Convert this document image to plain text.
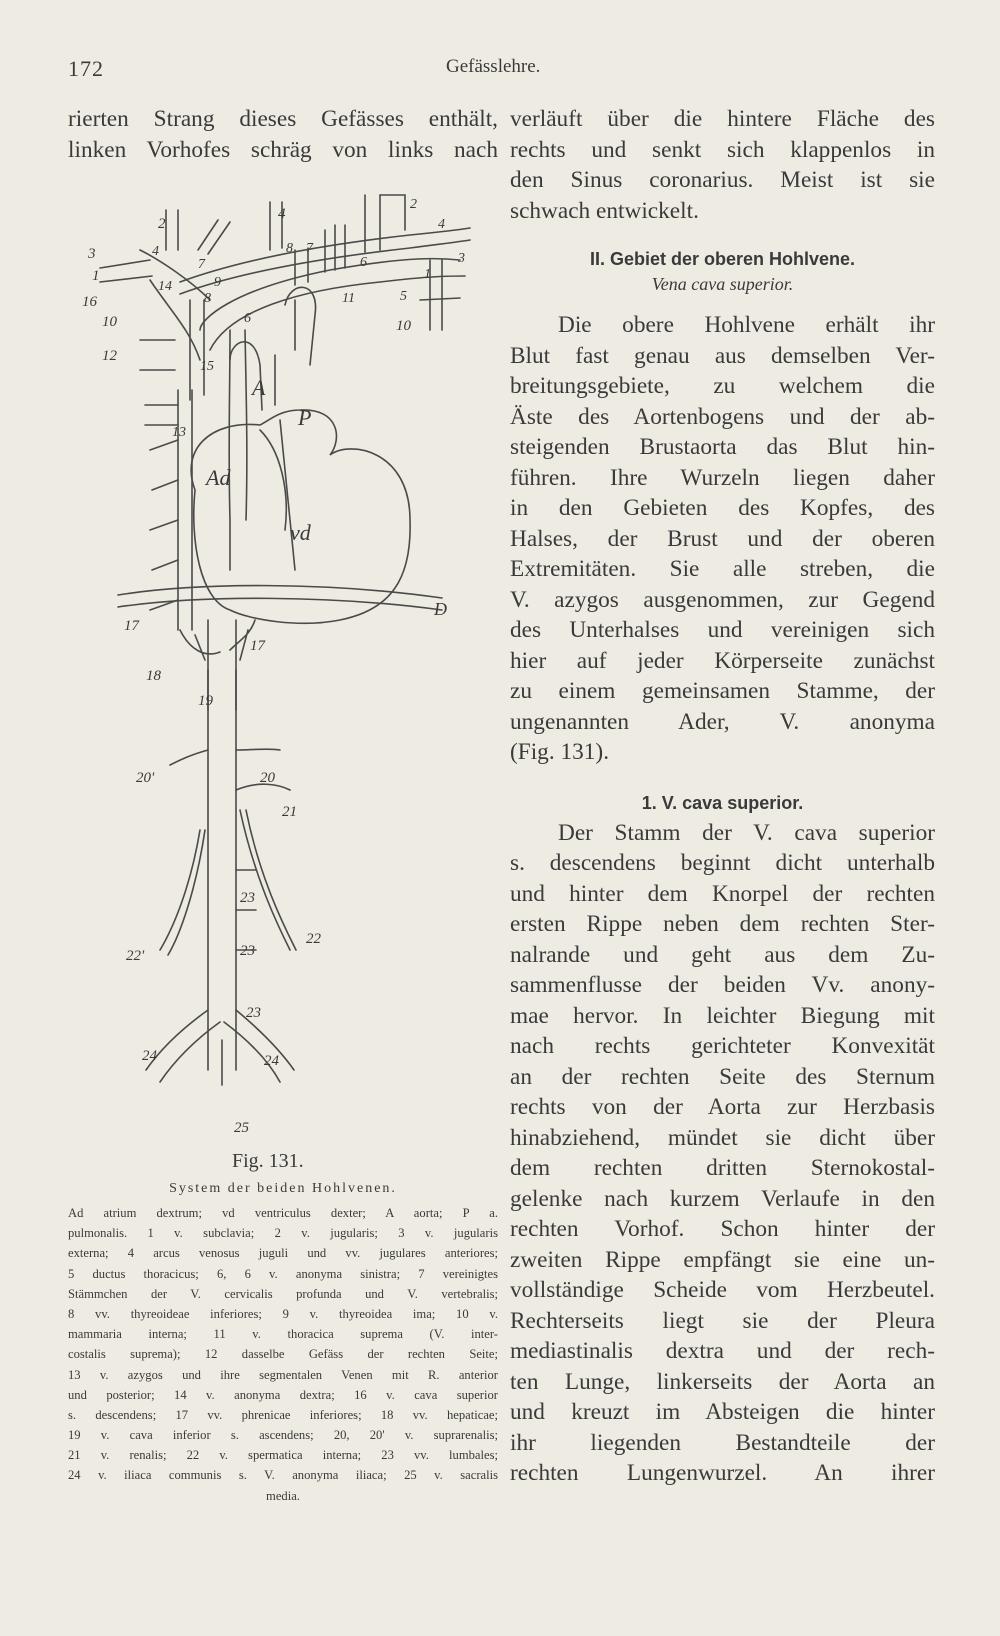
172	Gefässlehre.
rierten Strang dieses Gefässes enthält,
linken Vorhofes schräg von links nach
Ad
vd
A
P
D
2
3
1
16
10
12
4
14
7
9
8
6
15
13
4
8 7
6
11
2
4
3
1
5
10
17
17
18
19
20'	20
21
23
23
23
22
22'
24	24
25
Fig. 131.
System der beiden Hohlvenen.
Ad atrium dextrum; vd ventriculus dexter; A aorta; P a.
pulmonalis. 1 v. subclavia; 2 v. jugularis; 3 v. jugularis
externa; 4 arcus venosus juguli und vv. jugulares anteriores;
5 ductus thoracicus; 6, 6 v. anonyma sinistra; 7 vereinigtes
Stämmchen der V. cervicalis profunda und V. vertebralis;
8 vv. thyreoideae inferiores; 9 v. thyreoidea ima; 10 v.
mammaria interna; 11 v. thoracica suprema (V. inter-
costalis suprema); 12 dasselbe Gefäss der rechten Seite;
13 v. azygos und ihre segmentalen Venen mit R. anterior
und posterior; 14 v. anonyma dextra; 16 v. cava superior
s. descendens; 17 vv. phrenicae inferiores; 18 vv. hepaticae;
19 v. cava inferior s. ascendens; 20, 20' v. suprarenalis;
21 v. renalis; 22 v. spermatica interna; 23 vv. lumbales;
24 v. iliaca communis s. V. anonyma iliaca; 25 v. sacralis
media.
verläuft über die hintere Fläche des
rechts und senkt sich klappenlos in
den Sinus coronarius. Meist ist sie
schwach entwickelt.
II. Gebiet der oberen Hohlvene.
Vena cava superior.
Die obere Hohlvene erhält ihr
Blut fast genau aus demselben Ver-
breitungsgebiete, zu welchem die
Äste des Aortenbogens und der ab-
steigenden Brustaorta das Blut hin-
führen. Ihre Wurzeln liegen daher
in den Gebieten des Kopfes, des
Halses, der Brust und der oberen
Extremitäten. Sie alle streben, die
V. azygos ausgenommen, zur Gegend
des Unterhalses und vereinigen sich
hier auf jeder Körperseite zunächst
zu einem gemeinsamen Stamme, der
ungenannten Ader, V. anonyma
(Fig. 131).
1. V. cava superior.
Der Stamm der V. cava superior
s. descendens beginnt dicht unterhalb
und hinter dem Knorpel der rechten
ersten Rippe neben dem rechten Ster-
nalrande und geht aus dem Zu-
sammenflusse der beiden Vv. anony-
mae hervor. In leichter Biegung mit
nach rechts gerichteter Konvexität
an der rechten Seite des Sternum
rechts von der Aorta zur Herzbasis
hinabziehend, mündet sie dicht über
dem rechten dritten Sternokostal-
gelenke nach kurzem Verlaufe in den
rechten Vorhof. Schon hinter der
zweiten Rippe empfängt sie eine un-
vollständige Scheide vom Herzbeutel.
Rechterseits liegt sie der Pleura
mediastinalis dextra und der rech-
ten Lunge, linkerseits der Aorta an
und kreuzt im Absteigen die hinter
ihr liegenden Bestandteile der
rechten Lungenwurzel. An ihrer
